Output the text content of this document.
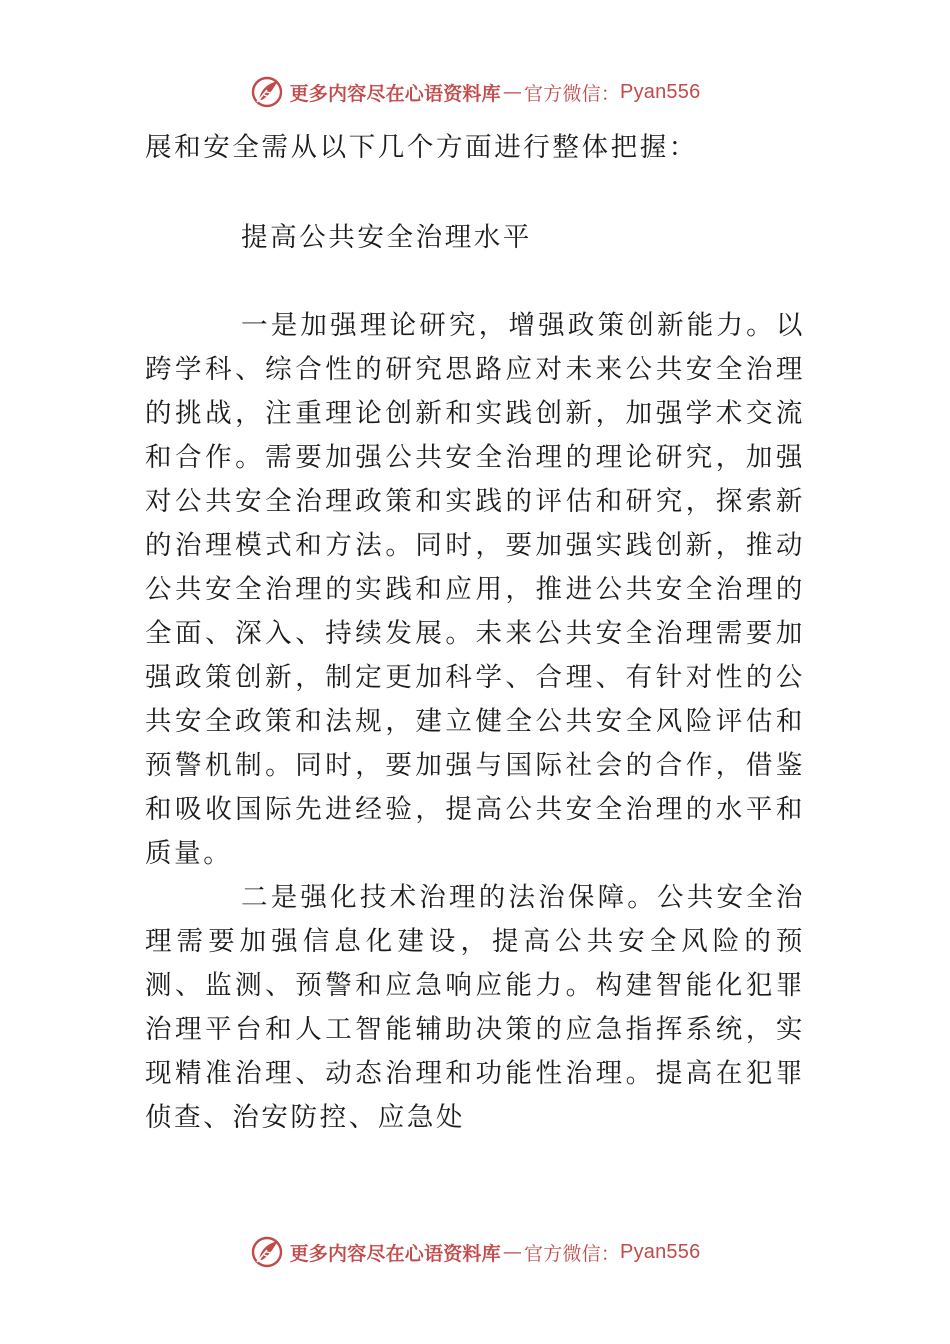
更多内容尽在心语资料库 — 官方微信： Pyan556

展和安全需从以下几个方面进行整体把握：

提高公共安全治理水平

一是加强理论研究，增强政策创新能力。以跨学科、综合性的研究思路应对未来公共安全治理的挑战，注重理论创新和实践创新，加强学术交流和合作。需要加强公共安全治理的理论研究，加强对公共安全治理政策和实践的评估和研究，探索新的治理模式和方法。同时，要加强实践创新，推动公共安全治理的实践和应用，推进公共安全治理的全面、深入、持续发展。未来公共安全治理需要加强政策创新，制定更加科学、合理、有针对性的公共安全政策和法规，建立健全公共安全风险评估和预警机制。同时，要加强与国际社会的合作，借鉴和吸收国际先进经验，提高公共安全治理的水平和质量。

二是强化技术治理的法治保障。公共安全治理需要加强信息化建设，提高公共安全风险的预测、监测、预警和应急响应能力。构建智能化犯罪治理平台和人工智能辅助决策的应急指挥系统，实现精准治理、动态治理和功能性治理。提高在犯罪侦查、治安防控、应急处

更多内容尽在心语资料库 — 官方微信： Pyan556
